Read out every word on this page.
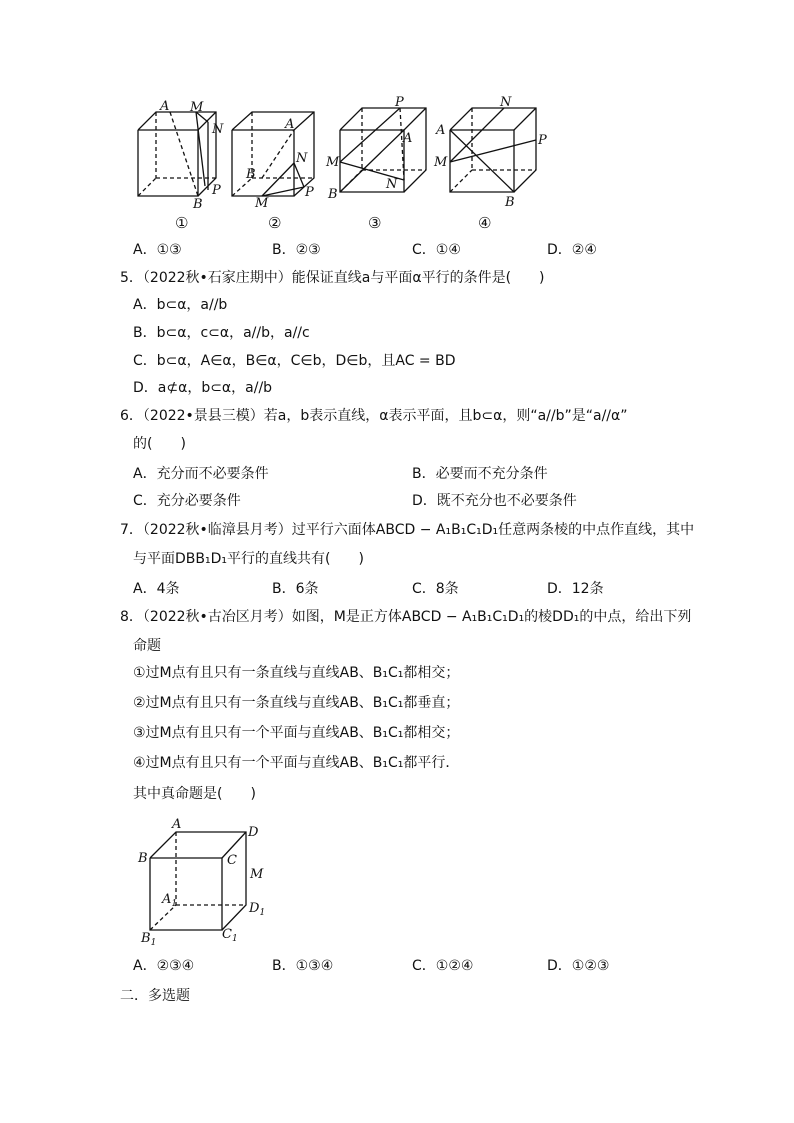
A M
N
P
B
①
A
N
B
M
P
②
P
A
M
N
B
③
N
A
P
M
B
④
A．①③	B．②③	C．①④	D．②④
5．（2022秋•石家庄期中）能保证直线a与平面α平行的条件是(　　)
A．b⊂α，a//b
B．b⊂α，c⊂α，a//b，a//c
C．b⊂α，A∈α，B∈α，C∈b，D∈b，且AC = BD
D．a⊄α，b⊂α，a//b
6．（2022•景县三模）若a，b表示直线，α表示平面，且b⊂α，则“a//b”是“a//α”
的(　　)
A．充分而不必要条件	B．必要而不充分条件
C．充分必要条件	D．既不充分也不必要条件
7．（2022秋•临漳县月考）过平行六面体ABCD − A₁B₁C₁D₁任意两条棱的中点作直线，其中
与平面DBB₁D₁平行的直线共有(　　)
A．4条	B．6条	C．8条	D．12条
8．（2022秋•古冶区月考）如图，M是正方体ABCD − A₁B₁C₁D₁的棱DD₁的中点，给出下列
命题
①过M点有且只有一条直线与直线AB、B₁C₁都相交；
②过M点有且只有一条直线与直线AB、B₁C₁都垂直；
③过M点有且只有一个平面与直线AB、B₁C₁都相交；
④过M点有且只有一个平面与直线AB、B₁C₁都平行．
其中真命题是(　　)
A
D
B	C
M
$A_1$	$D_1$
$B_1$
$C_1$
A．②③④	B．①③④	C．①②④	D．①②③
二．多选题
